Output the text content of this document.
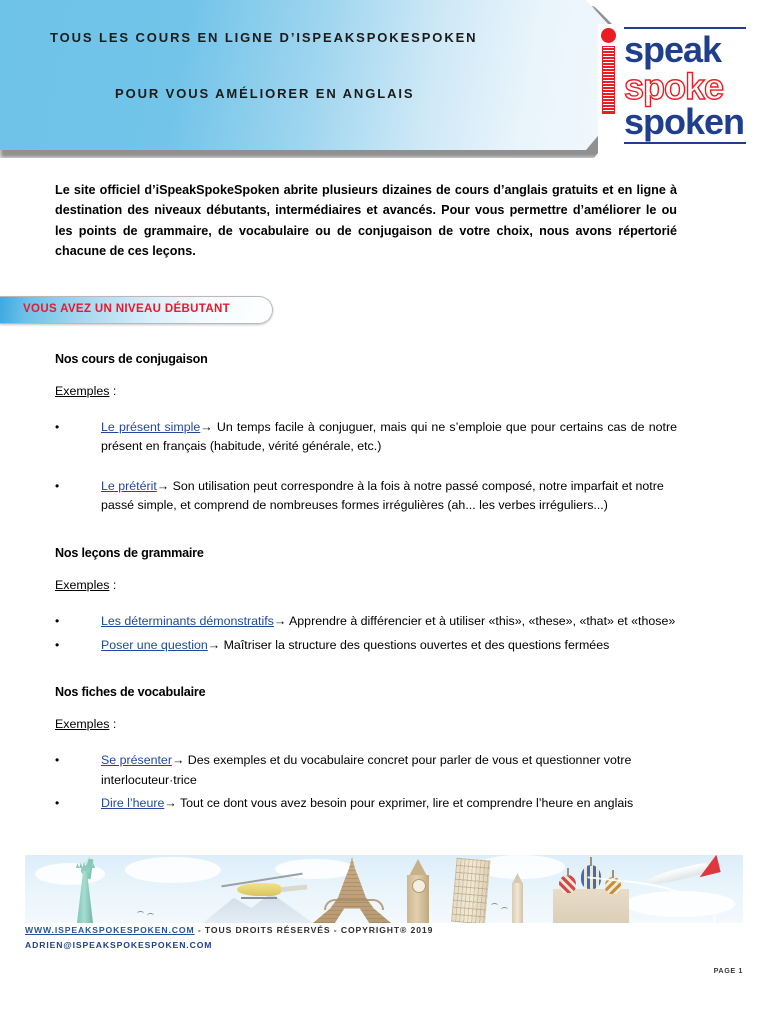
TOUS LES COURS EN LIGNE D’ISPEAKSPOKESPOKEN
POUR VOUS AMÉLIORER EN ANGLAIS
speak
spoke
spoken

Le site officiel d’iSpeakSpokeSpoken abrite plusieurs dizaines de cours d’anglais gratuits et en ligne à destination des niveaux débutants, intermédiaires et avancés. Pour vous permettre d’améliorer le ou les points de grammaire, de vocabulaire ou de conjugaison de votre choix, nous avons répertorié chacune de ces leçons.

VOUS AVEZ UN NIVEAU DÉBUTANT
Nos cours de conjugaison
Exemples :
•	Le présent simple→ Un temps facile à conjuguer, mais qui ne s’emploie que pour certains cas de notre présent en français (habitude, vérité générale, etc.)
•	Le prétérit→ Son utilisation peut correspondre à la fois à notre passé composé, notre imparfait et notre passé simple, et comprend de nombreuses formes irrégulières (ah... les verbes irréguliers...)
Nos leçons de grammaire
Exemples :
•	Les déterminants démonstratifs→ Apprendre à différencier et à utiliser «this», «these», «that» et «those»
•	Poser une question→ Maîtriser la structure des questions ouvertes et des questions fermées
Nos fiches de vocabulaire
Exemples :
•	Se présenter→ Des exemples et du vocabulaire concret pour parler de vous et questionner votre interlocuteur·trice
•	Dire l’heure→ Tout ce dont vous avez besoin pour exprimer, lire et comprendre l’heure en anglais
WWW.ISPEAKSPOKESPOKEN.COM - TOUS DROITS RÉSERVÉS - COPYRIGHT® 2019
ADRIEN@ISPEAKSPOKESPOKEN.COM
PAGE 1
